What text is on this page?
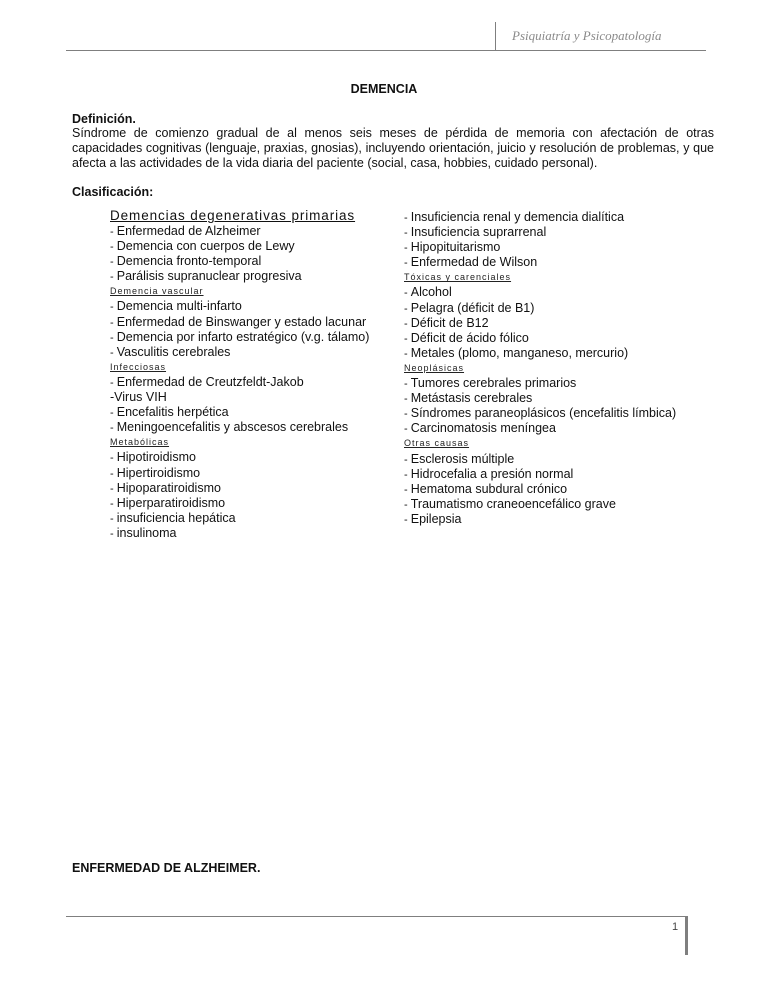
Psiquiatría y Psicopatología
DEMENCIA
Definición.
Síndrome de comienzo gradual de al menos seis meses de pérdida de memoria con afectación de otras capacidades cognitivas (lenguaje, praxias, gnosias), incluyendo orientación, juicio y resolución de problemas, y que afecta a las actividades de la vida diaria del paciente (social, casa, hobbies, cuidado personal).
Clasificación:
Demencias degenerativas primarias
- Enfermedad de Alzheimer
- Demencia con cuerpos de Lewy
- Demencia fronto-temporal
- Parálisis supranuclear progresiva
Demencia vascular
- Demencia multi-infarto
- Enfermedad de Binswanger y estado lacunar
- Demencia por infarto estratégico (v.g. tálamo)
- Vasculitis cerebrales
Infecciosas
- Enfermedad de Creutzfeldt-Jakob
-Virus VIH
- Encefalitis herpética
- Meningoencefalitis y abscesos cerebrales
Metabólicas
- Hipotiroidismo
- Hipertiroidismo
- Hipoparatiroidismo
- Hiperparatiroidismo
- insuficiencia hepática
- insulinoma
- Insuficiencia renal y demencia dialítica
- Insuficiencia suprarrenal
- Hipopituitarismo
- Enfermedad de Wilson
Tóxicas y carenciales
- Alcohol
- Pelagra (déficit de B1)
- Déficit de B12
- Déficit de ácido fólico
- Metales (plomo, manganeso, mercurio)
Neoplásicas
- Tumores cerebrales primarios
- Metástasis cerebrales
- Síndromes paraneoplásicos (encefalitis límbica)
- Carcinomatosis meníngea
Otras causas
- Esclerosis múltiple
- Hidrocefalia a presión normal
- Hematoma subdural crónico
- Traumatismo craneoencefálico grave
- Epilepsia
ENFERMEDAD DE ALZHEIMER.
1
